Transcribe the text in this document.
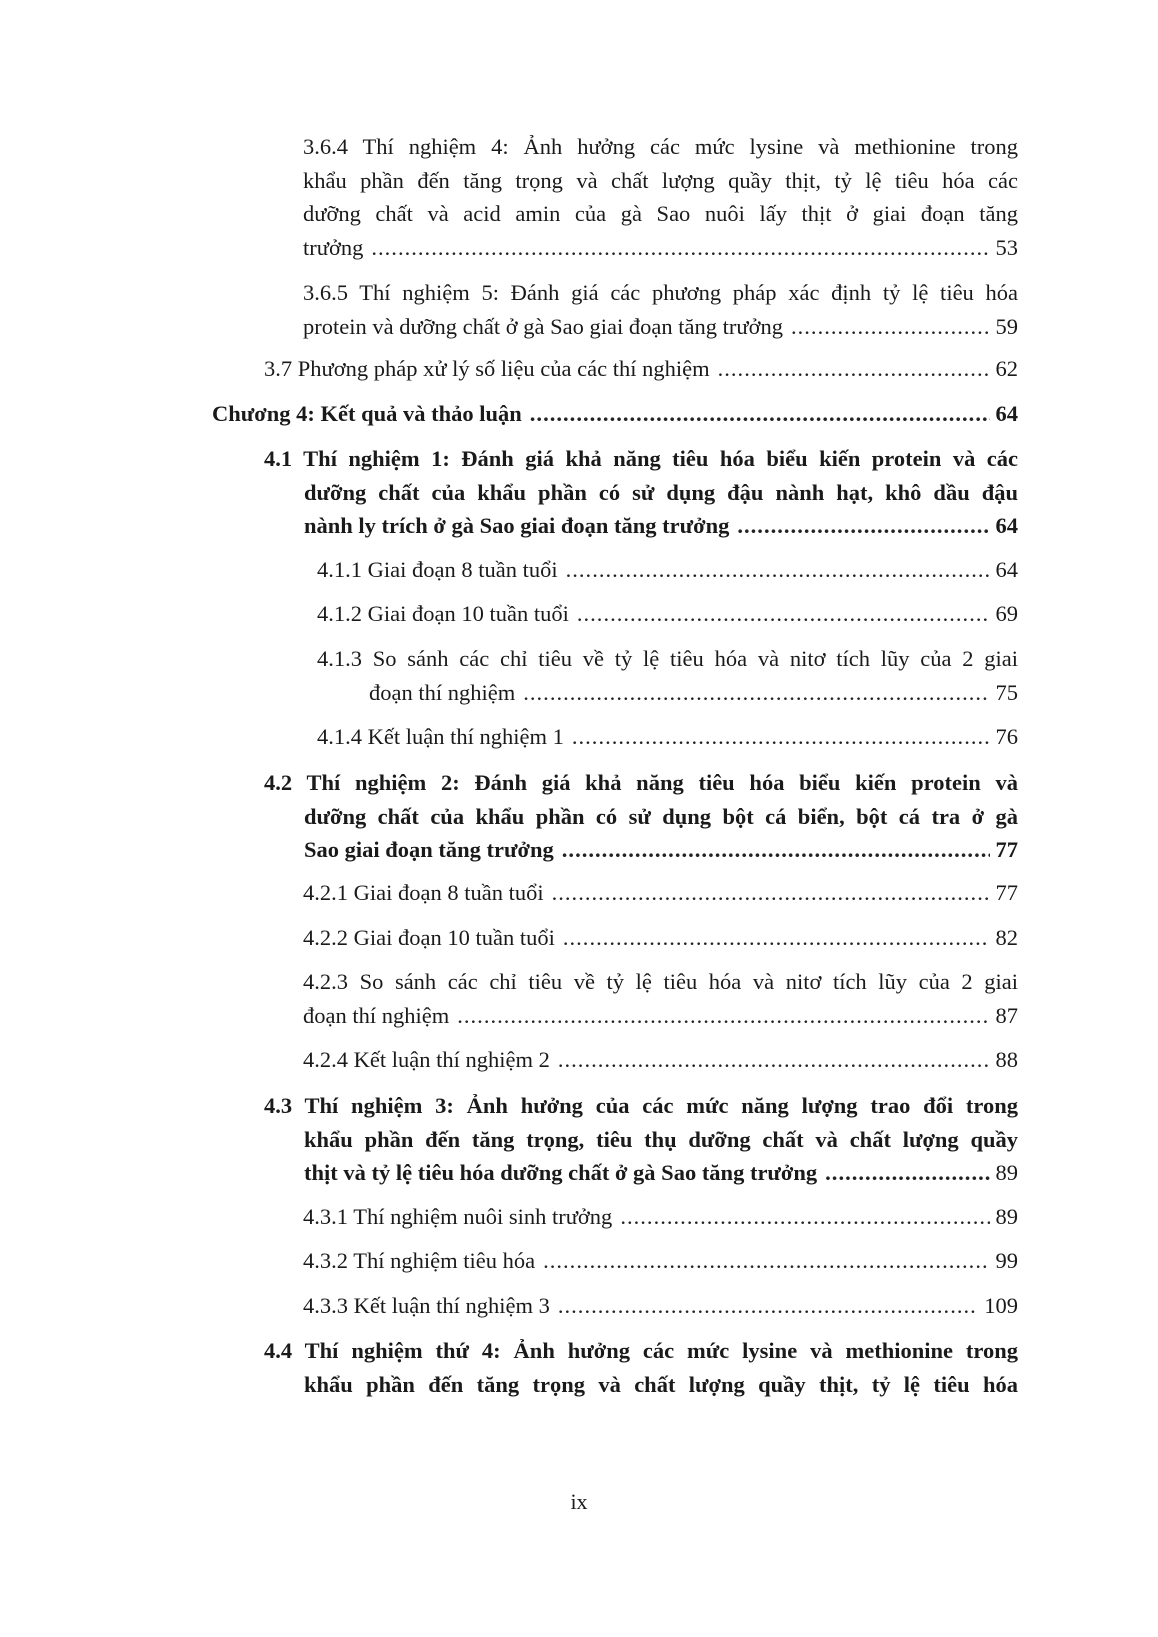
3.6.4 Thí nghiệm 4: Ảnh hưởng các mức lysine và methionine trong
khẩu phần đến tăng trọng và chất lượng quầy thịt, tỷ lệ tiêu hóa các
dưỡng chất và acid amin của gà Sao nuôi lấy thịt ở giai đoạn tăng
trưởng . . .	53
3.6.5 Thí nghiệm 5: Đánh giá các phương pháp xác định tỷ lệ tiêu hóa
protein và dưỡng chất ở gà Sao giai đoạn tăng trưởng . . .	59
3.7 Phương pháp xử lý số liệu của các thí nghiệm . . .	62
Chương 4: Kết quả và thảo luận . . .	64
4.1 Thí nghiệm 1: Đánh giá khả năng tiêu hóa biểu kiến protein và các
dưỡng chất của khẩu phần có sử dụng đậu nành hạt, khô dầu đậu
nành ly trích ở gà Sao giai đoạn tăng trưởng . . .	64
4.1.1 Giai đoạn 8 tuần tuổi . . .	64
4.1.2 Giai đoạn 10 tuần tuổi . . .	69
4.1.3 So sánh các chỉ tiêu về tỷ lệ tiêu hóa và nitơ tích lũy của 2 giai
đoạn thí nghiệm . . .	75
4.1.4 Kết luận thí nghiệm 1 . . .	76
4.2 Thí nghiệm 2: Đánh giá khả năng tiêu hóa biểu kiến protein và
dưỡng chất của khẩu phần có sử dụng bột cá biển, bột cá tra ở gà
Sao giai đoạn tăng trưởng . . .	77
4.2.1 Giai đoạn 8 tuần tuổi . . .	77
4.2.2 Giai đoạn 10 tuần tuổi . . .	82
4.2.3 So sánh các chỉ tiêu về tỷ lệ tiêu hóa và nitơ tích lũy của 2 giai
đoạn thí nghiệm . . .	87
4.2.4 Kết luận thí nghiệm 2 . . .	88
4.3 Thí nghiệm 3: Ảnh hưởng của các mức năng lượng trao đổi trong
khẩu phần đến tăng trọng, tiêu thụ dưỡng chất và chất lượng quầy
thịt và tỷ lệ tiêu hóa dưỡng chất ở gà Sao tăng trưởng . . .	89
4.3.1 Thí nghiệm nuôi sinh trưởng . . .	89
4.3.2 Thí nghiệm tiêu hóa . . .	99
4.3.3 Kết luận thí nghiệm 3 . . .	109
4.4 Thí nghiệm thứ 4: Ảnh hưởng các mức lysine và methionine trong
khẩu phần đến tăng trọng và chất lượng quầy thịt, tỷ lệ tiêu hóa
ix
